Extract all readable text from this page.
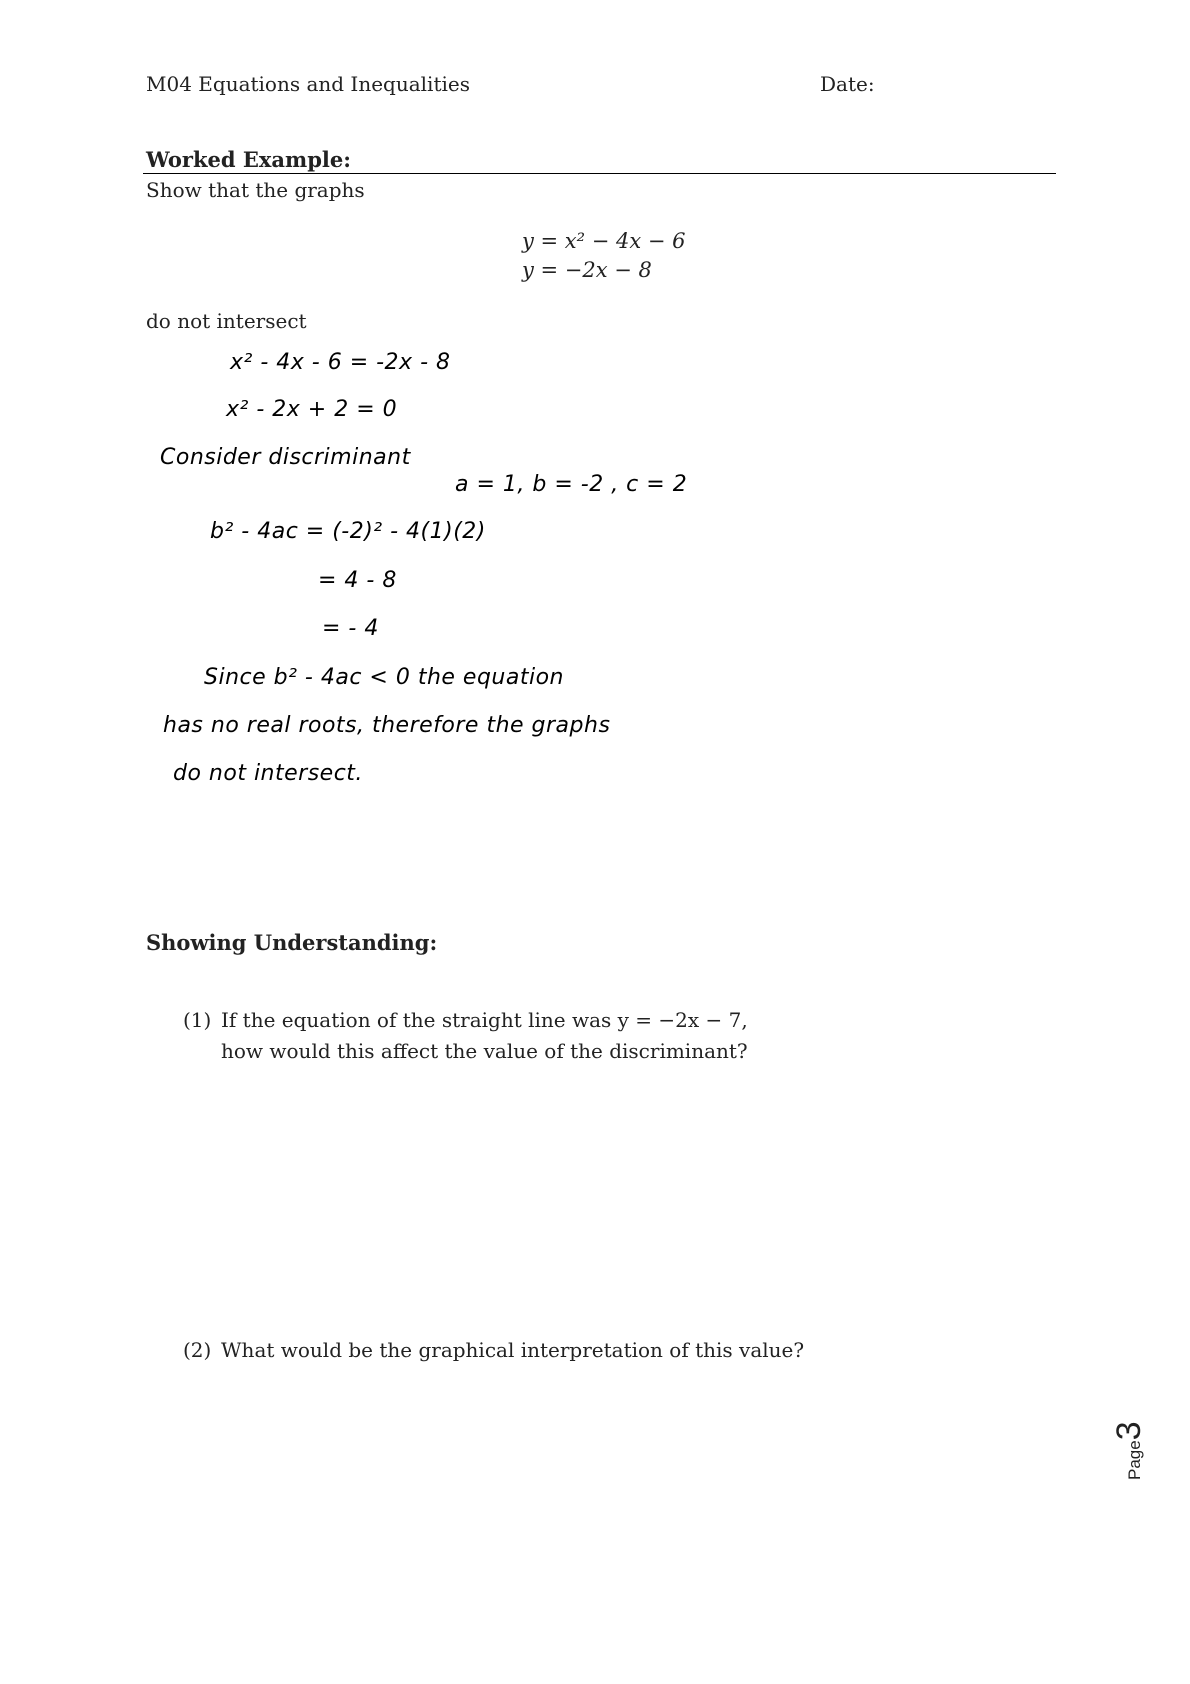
M04 Equations and Inequalities	Date:
Worked Example:
Show that the graphs
y = x² − 4x − 6
y = −2x − 8
do not intersect
x² - 4x - 6 = -2x - 8
x² - 2x + 2 = 0
Consider discriminant
a = 1, b = -2 , c = 2
b² - 4ac = (-2)² - 4(1)(2)
= 4 - 8
= - 4
Since b² - 4ac < 0 the equation
has no real roots, therefore the graphs
do not intersect.
Showing Understanding:
(1) If the equation of the straight line was y = −2x − 7,
how would this affect the value of the discriminant?
(2) What would be the graphical interpretation of this value?
Page3
